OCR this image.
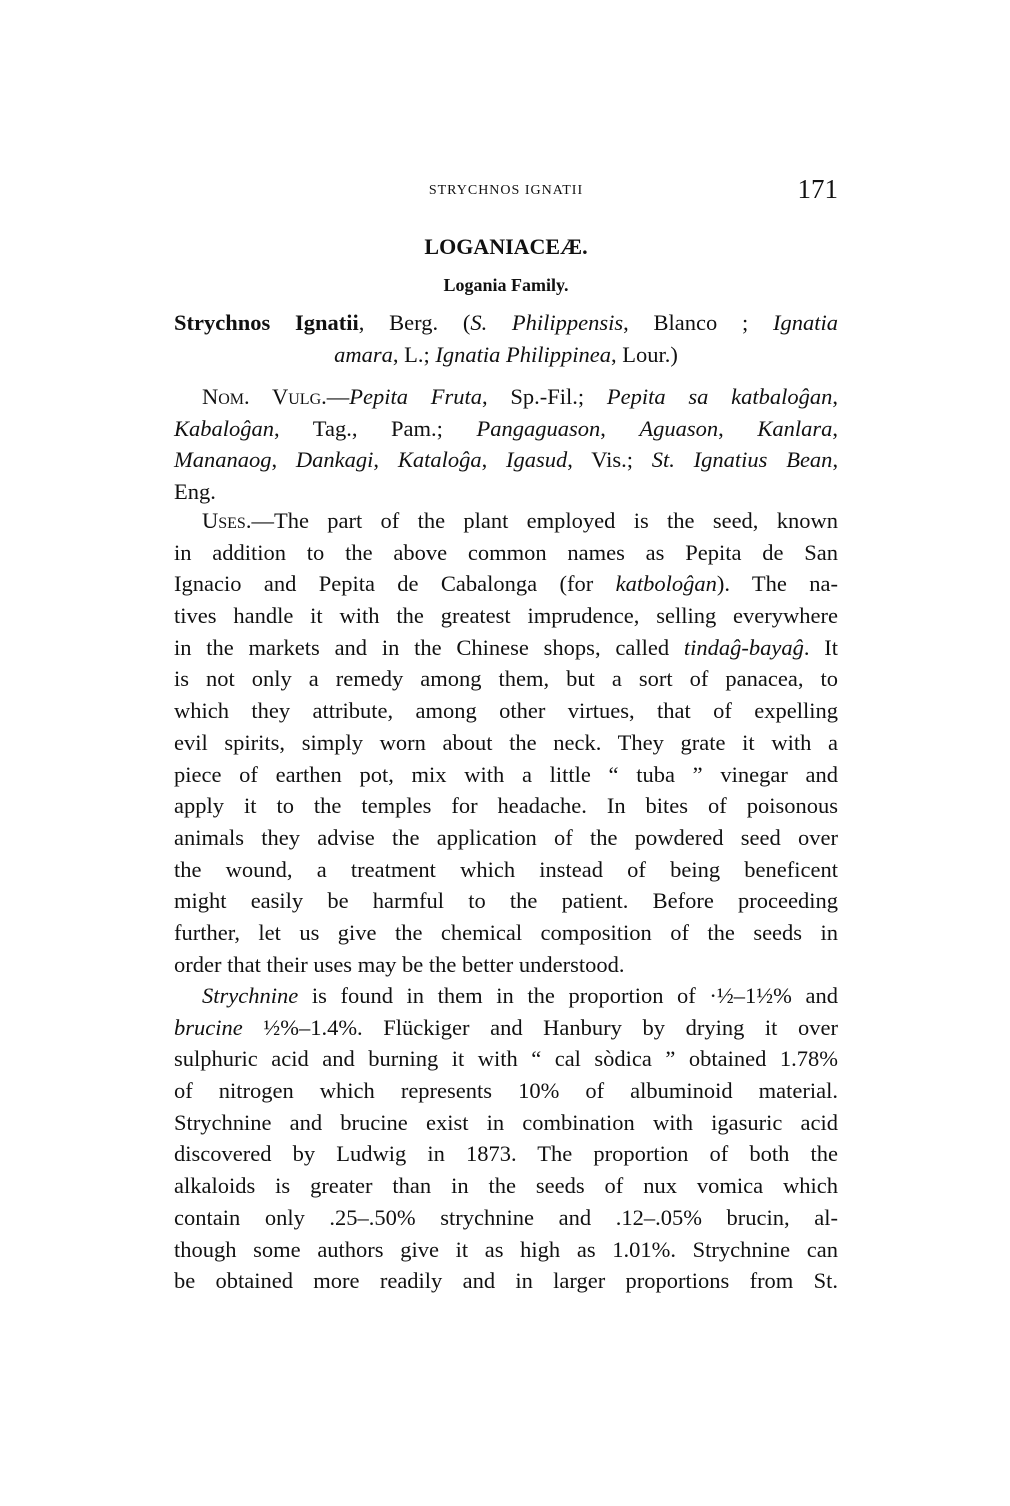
STRYCHNOS IGNATII	171
LOGANIACEÆ.
Logania Family.
Strychnos Ignatii, Berg. (S. Philippensis, Blanco ; Ignatia
amara, L.; Ignatia Philippinea, Lour.)
Nom. Vulg.—Pepita Fruta, Sp.-Fil.; Pepita sa katbaloĝan,
Kabaloĝan, Tag., Pam.; Pangaguason, Aguason, Kanlara,
Mananaog, Dankagi, Kataloĝa, Igasud, Vis.; St. Ignatius Bean,
Eng.
Uses.—The part of the plant employed is the seed, known
in addition to the above common names as Pepita de San
Ignacio and Pepita de Cabalonga (for katboloĝan). The na-
tives handle it with the greatest imprudence, selling everywhere
in the markets and in the Chinese shops, called tindaĝ-bayaĝ. It
is not only a remedy among them, but a sort of panacea, to
which they attribute, among other virtues, that of expelling
evil spirits, simply worn about the neck. They grate it with a
piece of earthen pot, mix with a little “ tuba ” vinegar and
apply it to the temples for headache. In bites of poisonous
animals they advise the application of the powdered seed over
the wound, a treatment which instead of being beneficent
might easily be harmful to the patient. Before proceeding
further, let us give the chemical composition of the seeds in
order that their uses may be the better understood.
Strychnine is found in them in the proportion of ·½–1½% and
brucine ½%–1.4%. Flückiger and Hanbury by drying it over
sulphuric acid and burning it with “ cal sòdica ” obtained 1.78%
of nitrogen which represents 10% of albuminoid material.
Strychnine and brucine exist in combination with igasuric acid
discovered by Ludwig in 1873. The proportion of both the
alkaloids is greater than in the seeds of nux vomica which
contain only .25–.50% strychnine and .12–.05% brucin, al-
though some authors give it as high as 1.01%. Strychnine can
be obtained more readily and in larger proportions from St.
